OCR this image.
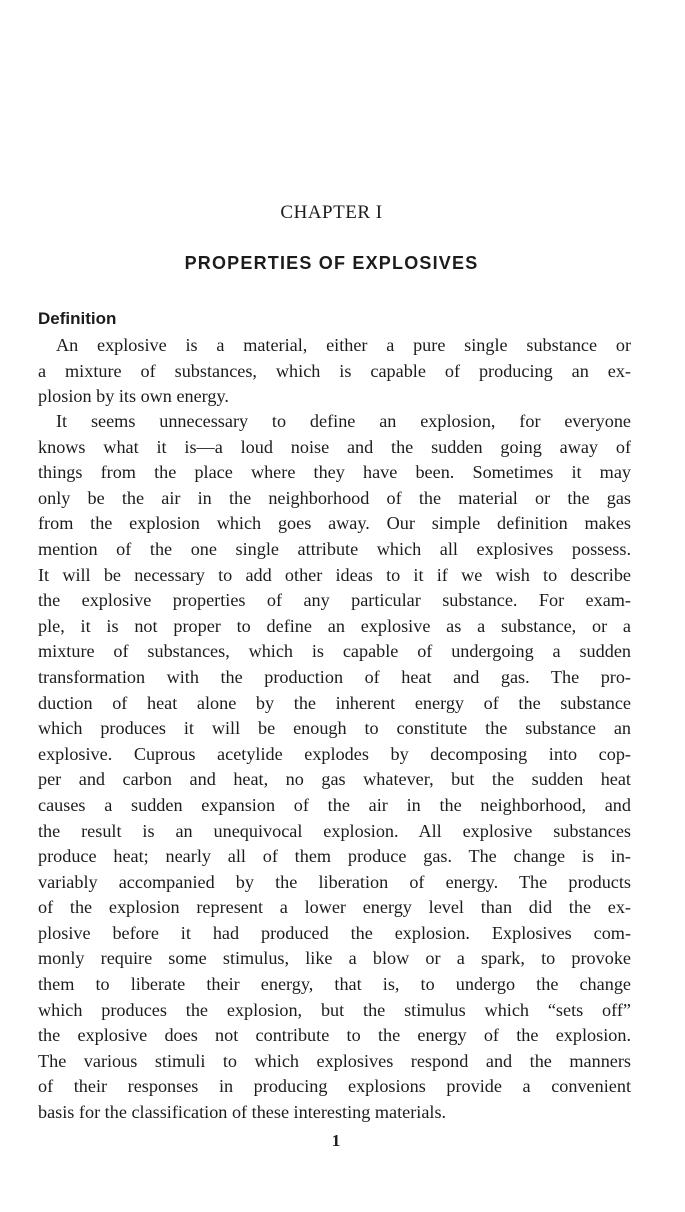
CHAPTER I
PROPERTIES OF EXPLOSIVES
Definition
An explosive is a material, either a pure single substance or
a mixture of substances, which is capable of producing an ex-
plosion by its own energy.
It seems unnecessary to define an explosion, for everyone
knows what it is—a loud noise and the sudden going away of
things from the place where they have been. Sometimes it may
only be the air in the neighborhood of the material or the gas
from the explosion which goes away. Our simple definition makes
mention of the one single attribute which all explosives possess.
It will be necessary to add other ideas to it if we wish to describe
the explosive properties of any particular substance. For exam-
ple, it is not proper to define an explosive as a substance, or a
mixture of substances, which is capable of undergoing a sudden
transformation with the production of heat and gas. The pro-
duction of heat alone by the inherent energy of the substance
which produces it will be enough to constitute the substance an
explosive. Cuprous acetylide explodes by decomposing into cop-
per and carbon and heat, no gas whatever, but the sudden heat
causes a sudden expansion of the air in the neighborhood, and
the result is an unequivocal explosion. All explosive substances
produce heat; nearly all of them produce gas. The change is in-
variably accompanied by the liberation of energy. The products
of the explosion represent a lower energy level than did the ex-
plosive before it had produced the explosion. Explosives com-
monly require some stimulus, like a blow or a spark, to provoke
them to liberate their energy, that is, to undergo the change
which produces the explosion, but the stimulus which “sets off”
the explosive does not contribute to the energy of the explosion.
The various stimuli to which explosives respond and the manners
of their responses in producing explosions provide a convenient
basis for the classification of these interesting materials.
1
